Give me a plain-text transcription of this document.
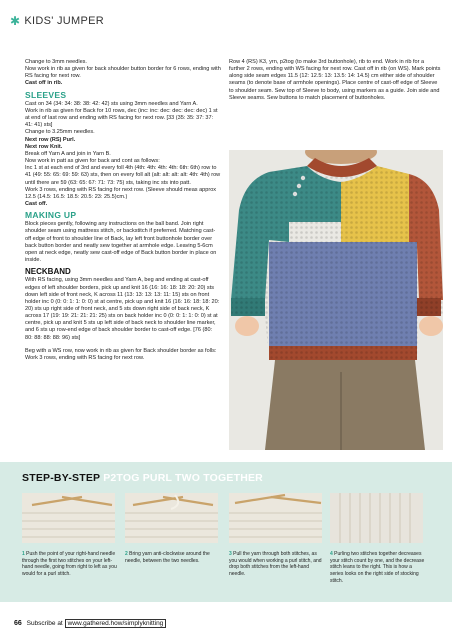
✱ KIDS' JUMPER

Change to 3mm needles.

Now work in rib as given for back shoulder button border for 6 rows, ending with RS facing for next row.

Cast off in rib.

SLEEVES

Cast on 34 (34: 34: 38: 38: 42: 42) sts using 3mm needles and Yarn A.

Work in rib as given for Back for 10 rows, dec (inc: inc: dec: dec: dec: dec) 1 st at end of last row and ending with RS facing for next row. [33 (35: 35: 37: 37: 41: 41) sts]

Change to 3.25mm needles.

Next row (RS) Purl.

Next row Knit.

Break off Yarn A and join in Yarn B.

Now work in patt as given for back and cont as follows:

Inc 1 st at each end of 3rd and every foll 4th (4th: 4th: 4th: 4th: 6th: 6th) row to 41 (49: 55: 65: 69: 59: 63) sts, then on every foll alt (alt: alt: alt: alt: 4th: 4th) row until there are 59 (63: 65: 67: 71: 73: 75) sts, taking inc sts into patt.

Work 3 rows, ending with RS facing for next row. (Sleeve should meas approx 12.5 (14.5: 16.5: 18.5: 20.5: 23: 25.5)cm.)

Cast off.

MAKING UP

Block pieces gently, following any instructions on the ball band. Join right shoulder seam using mattress stitch, or backstitch if preferred. Matching cast-off edge of front to shoulder line of Back, lay left front buttonhole border over back button border and neatly sew together at armhole edge. Leaving 5-6cm open at neck edge, neatly sew cast-off edge of Back button border in place on inside.

NECKBAND

With RS facing, using 3mm needles and Yarn A, beg and ending at cast-off edges of left shoulder borders, pick up and knit 16 (16: 16: 18: 18: 20: 20) sts down left side of front neck, K across 11 (13: 13: 13: 13: 11: 15) sts on front holder inc 0 (0: 0: 1: 1: 0: 0) st at centre, pick up and knit 16 (16: 16: 18: 18: 20: 20) sts up right side of front neck, and 5 sts down right side of back neck, K across 17 (19: 19: 21: 21: 21: 25) sts on back holder inc 0 (0: 0: 1: 1: 0: 0) st at centre, pick up and knit 5 sts up left side of back neck to shoulder line marker, and 6 sts up row-end edge of back shoulder border to cast-off edge. [76 (80: 80: 88: 88: 88: 96) sts]

Beg with a WS row, now work in rib as given for Back shoulder border as folls:

Work 3 rows, ending with RS facing for next row.

Row 4 (RS) K3, yrn, p2tog (to make 3rd buttonhole), rib to end. Work in rib for a further 2 rows, ending with WS facing for next row. Cast off in rib (on WS). Mark points along side seam edges 11.5 (12: 12.5: 13: 13.5: 14: 14.5) cm either side of shoulder seams (to denote base of armhole openings). Place centre of cast-off edge of Sleeve to shoulder seam. Sew top of Sleeve to body, using markers as a guide. Join side and Sleeve seams. Sew buttons to match placement of buttonholes.

STEP-BY-STEP P2TOG PURL TWO TOGETHER
1 Push the point of your right-hand needle through the first two stitches on your left-hand needle, going from right to left as you would for a purl stitch.
2 Bring yarn anti-clockwise around the needle, between the two needles.
3 Pull the yarn through both stitches, as you would when working a purl stitch, and drop both stitches from the left-hand needle.
4 Purling two stitches together decreases your stitch count by one, and the decrease stitch leans to the right. This is how a series looks on the right side of stocking stitch.
66 Subscribe at www.gathered.how/simplyknitting
